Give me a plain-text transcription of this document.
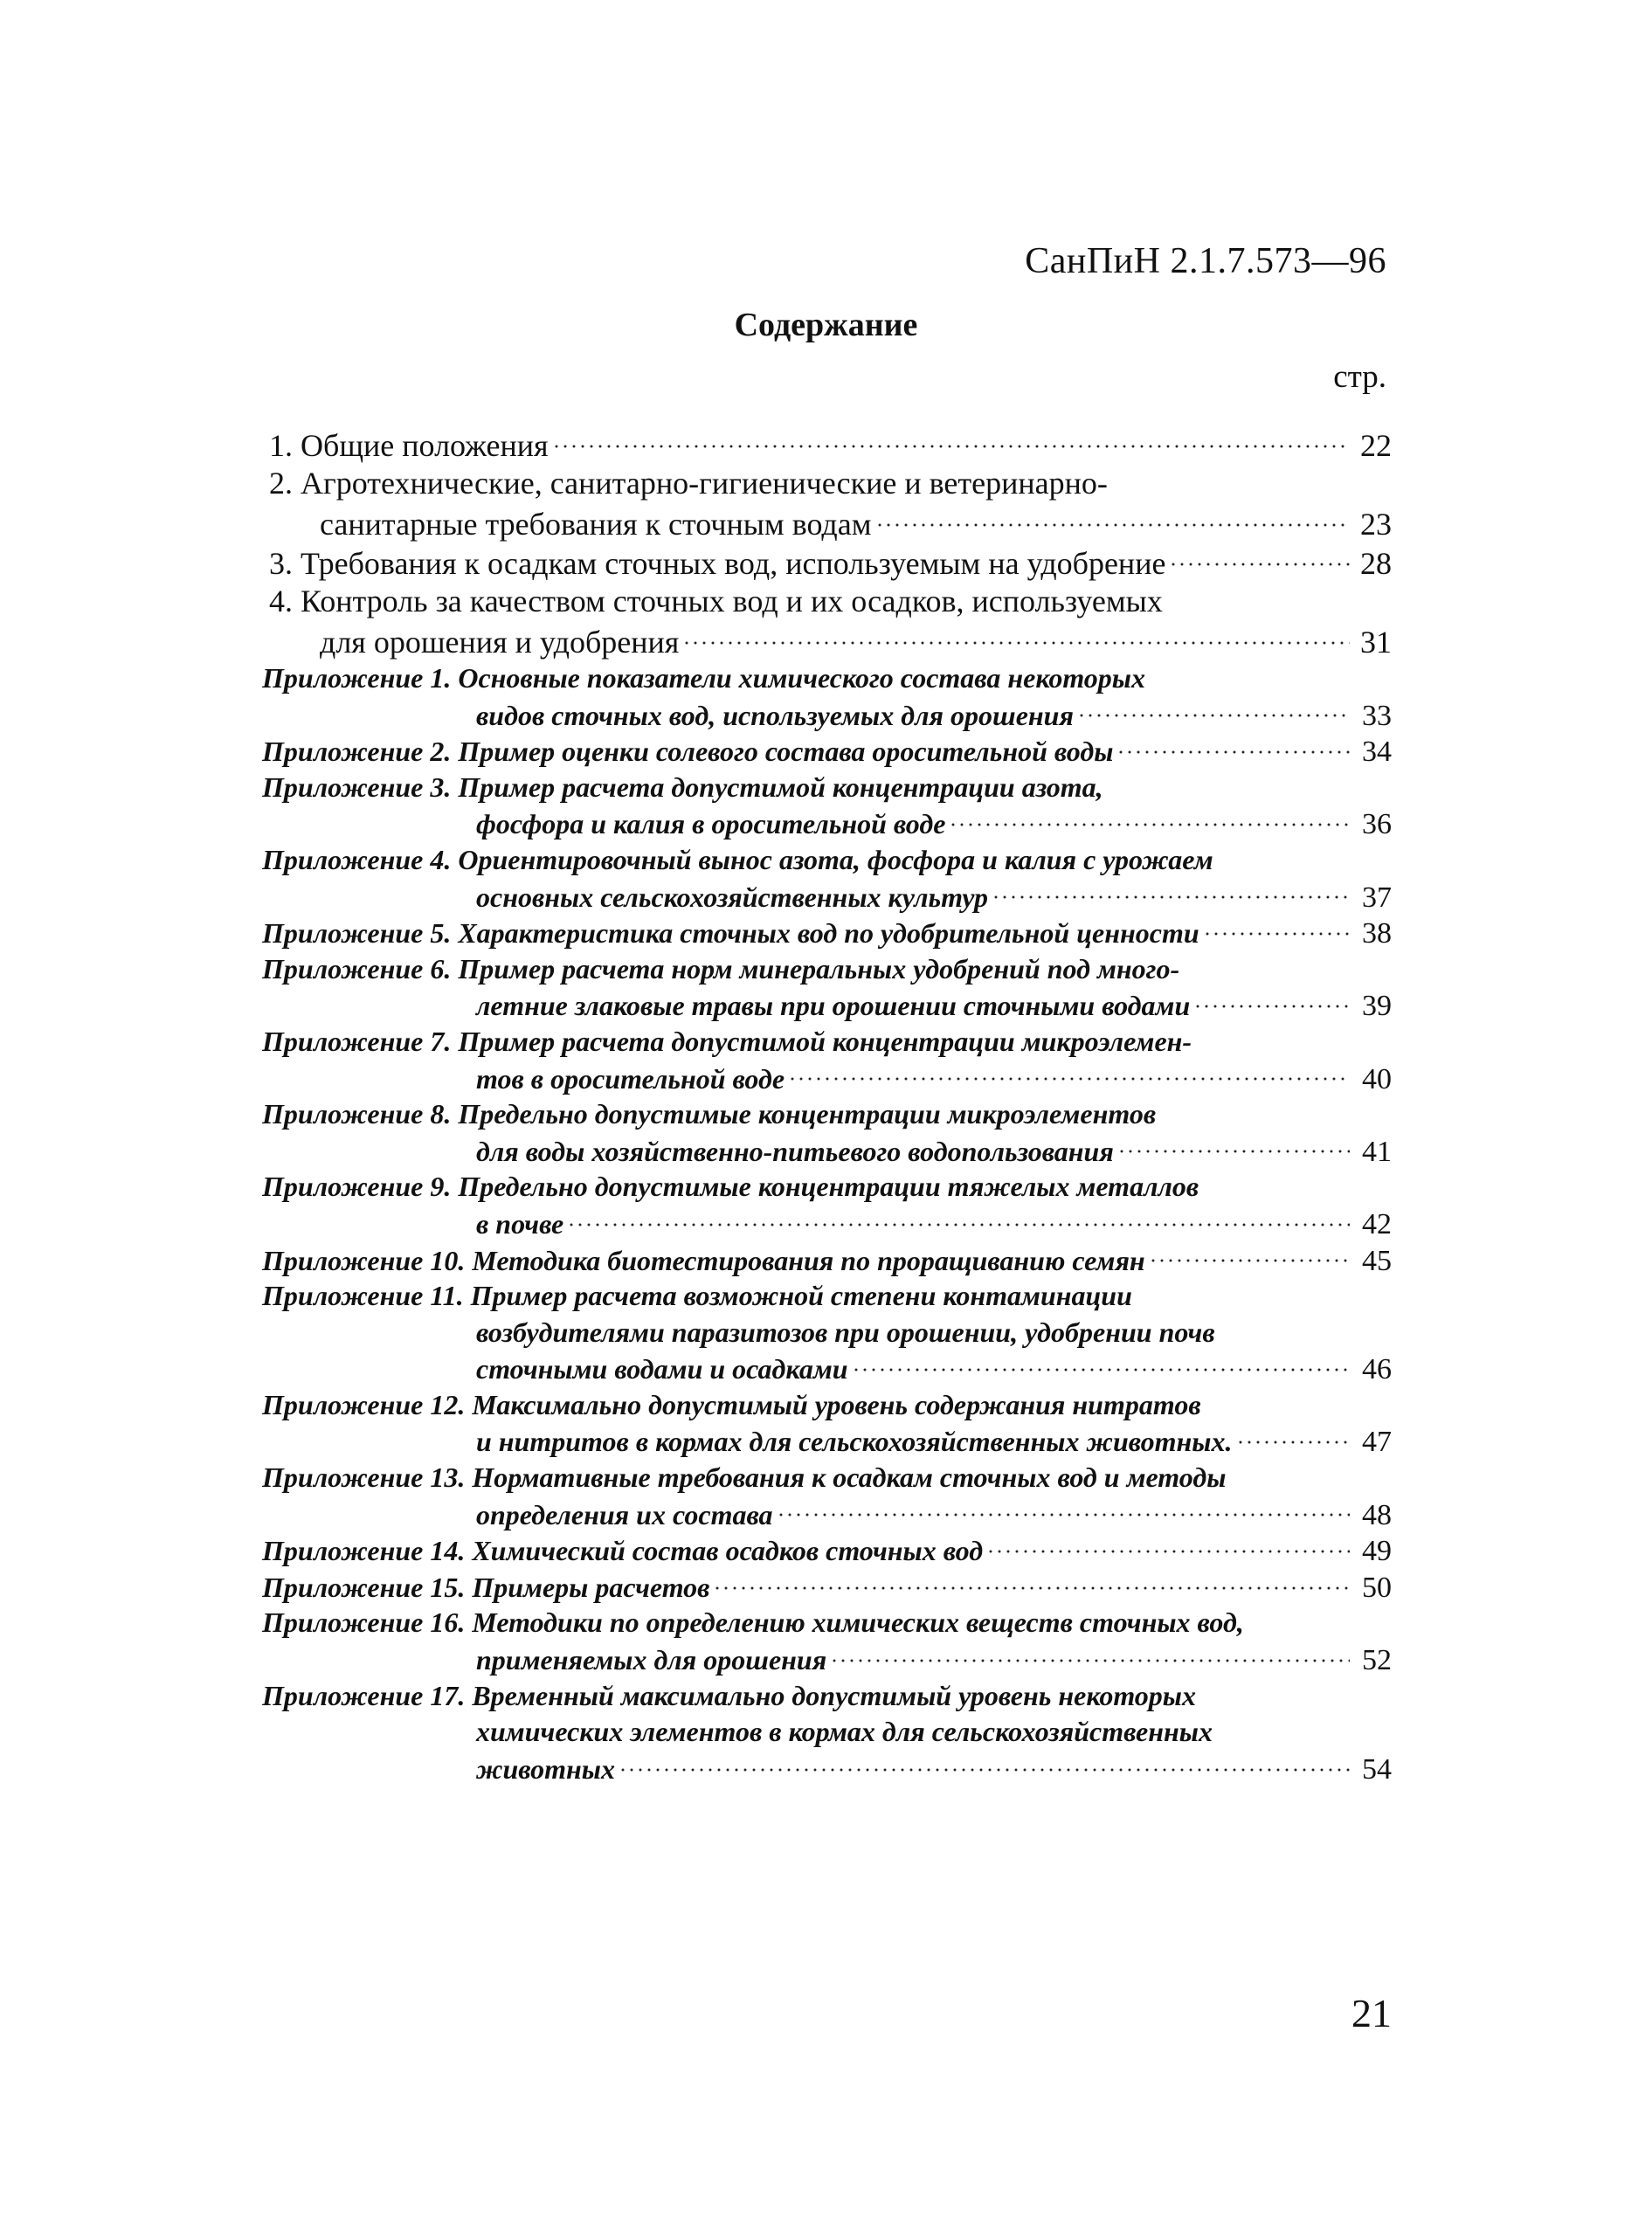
СанПиН 2.1.7.573—96
Содержание
стр.
1. Общие положения	22
2. Агротехнические, санитарно-гигиенические и ветеринарно-
санитарные требования к сточным водам	23
3. Требования к осадкам сточных вод, используемым на удобрение	28
4. Контроль за качеством сточных вод и их осадков, используемых
для орошения и удобрения	31
Приложение 1. Основные показатели химического состава некоторых
видов сточных вод, используемых для орошения	33
Приложение 2. Пример оценки солевого состава оросительной воды	34
Приложение 3. Пример расчета допустимой концентрации азота,
фосфора и калия в оросительной воде	36
Приложение 4. Ориентировочный вынос азота, фосфора и калия с урожаем
основных сельскохозяйственных культур	37
Приложение 5. Характеристика сточных вод по удобрительной ценности	38
Приложение 6. Пример расчета норм минеральных удобрений под много-
летние злаковые травы при орошении сточными водами	39
Приложение 7. Пример расчета допустимой концентрации микроэлемен-
тов в оросительной воде	40
Приложение 8. Предельно допустимые концентрации микроэлементов
для воды хозяйственно-питьевого водопользования	41
Приложение 9. Предельно допустимые концентрации тяжелых металлов
в почве	42
Приложение 10. Методика биотестирования по проращиванию семян	45
Приложение 11. Пример расчета возможной степени контаминации
возбудителями паразитозов при орошении, удобрении почв
сточными водами и осадками	46
Приложение 12. Максимально допустимый уровень содержания нитратов
и нитритов в кормах для сельскохозяйственных животных.	47
Приложение 13. Нормативные требования к осадкам сточных вод и методы
определения их состава	48
Приложение 14. Химический состав осадков сточных вод	49
Приложение 15. Примеры расчетов	50
Приложение 16. Методики по определению химических веществ сточных вод,
применяемых для орошения	52
Приложение 17. Временный максимально допустимый уровень некоторых
химических элементов в кормах для сельскохозяйственных
животных	54
21
